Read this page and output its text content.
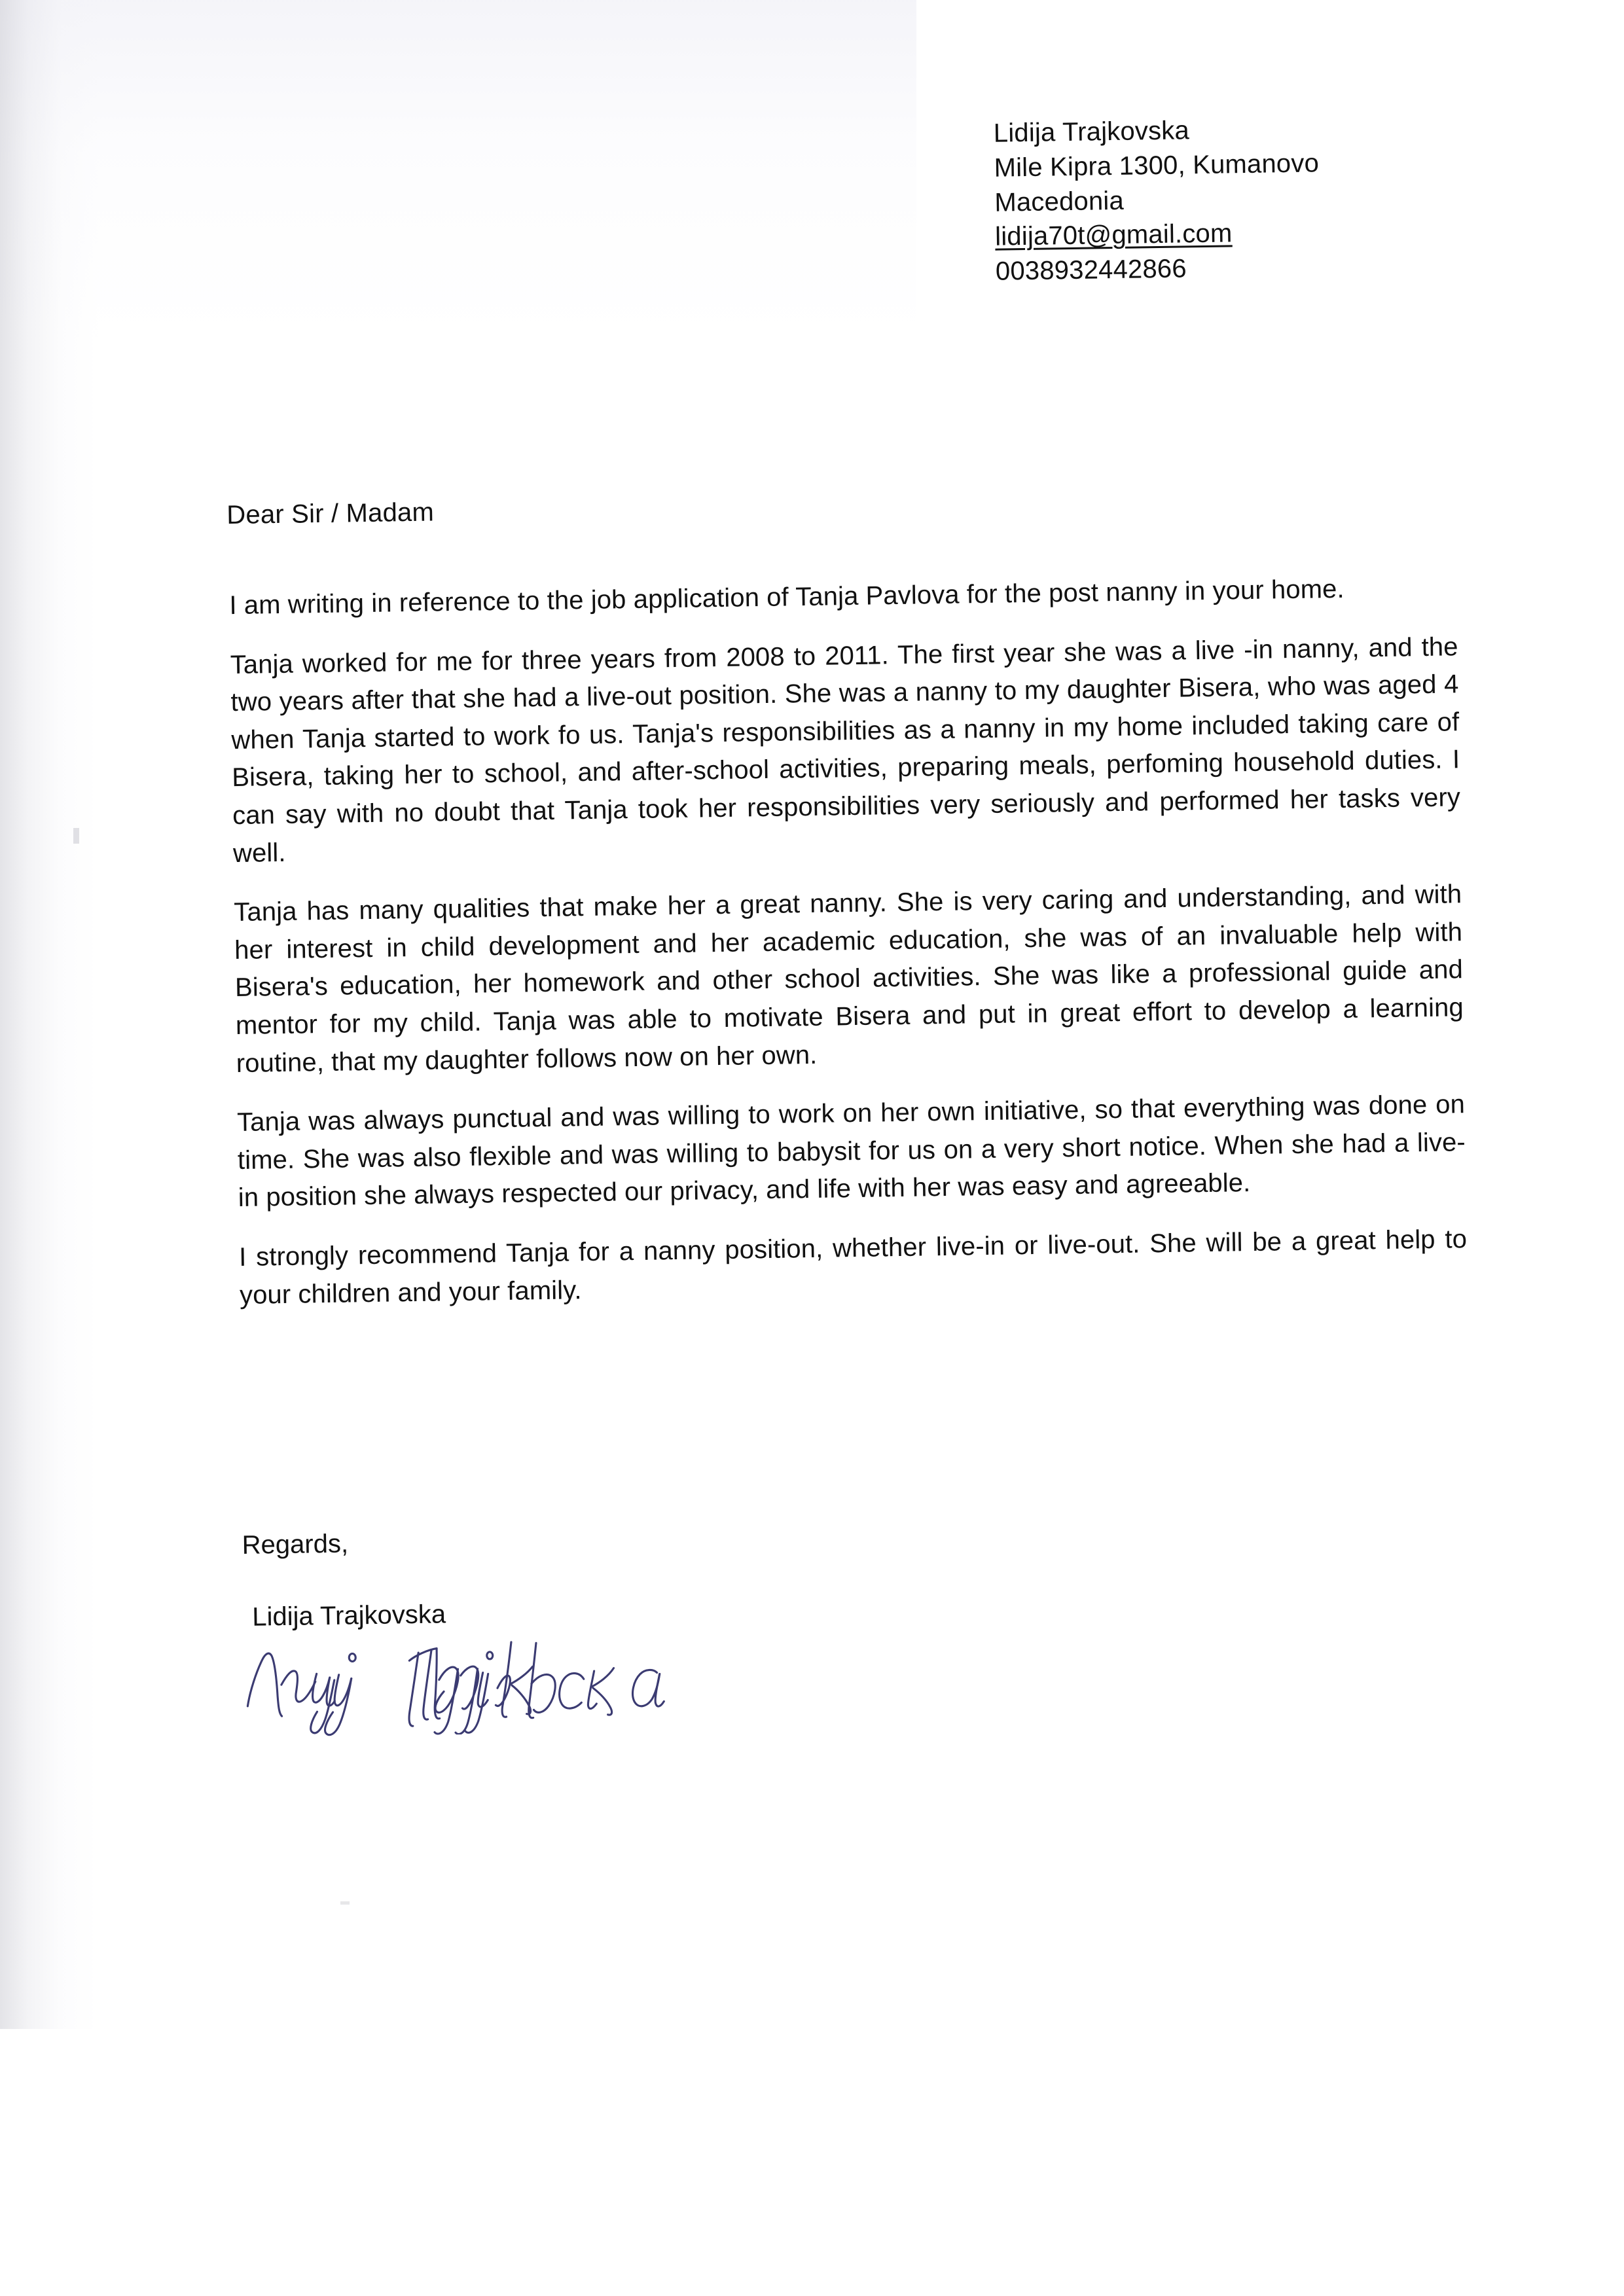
Lidija Trajkovska
Mile Kipra 1300, Kumanovo
Macedonia
lidija70t@gmail.com
0038932442866
Dear Sir / Madam

I am writing in reference to the job application of Tanja Pavlova for the post nanny in your home.

Tanja worked for me for three years from 2008 to 2011. The first year she was a live -in nanny, and the two years after that she had a live-out position. She was a nanny to my daughter Bisera, who was aged 4 when Tanja started to work fo us. Tanja's responsibilities as a nanny in my home included taking care of Bisera, taking her to school, and after-school activities, preparing meals, perfoming household duties. I can say with no doubt that Tanja took her responsibilities very seriously and performed her tasks very well.

Tanja has many qualities that make her a great nanny. She is very caring and understanding, and with her interest in child development and her academic education, she was of an invaluable help with Bisera's education, her homework and other school activities. She was like a professional guide and mentor for my child. Tanja was able to motivate Bisera and put in great effort to develop a learning routine, that my daughter follows now on her own.

Tanja was always punctual and was willing to work on her own initiative, so that everything was done on time. She was also flexible and was willing to babysit for us on a very short notice. When she had a live-in position she always respected our privacy, and life with her was easy and agreeable.

I strongly recommend Tanja for a nanny position, whether live-in or live-out. She will be a great help to your children and your family.

Regards,
Lidija Trajkovska
